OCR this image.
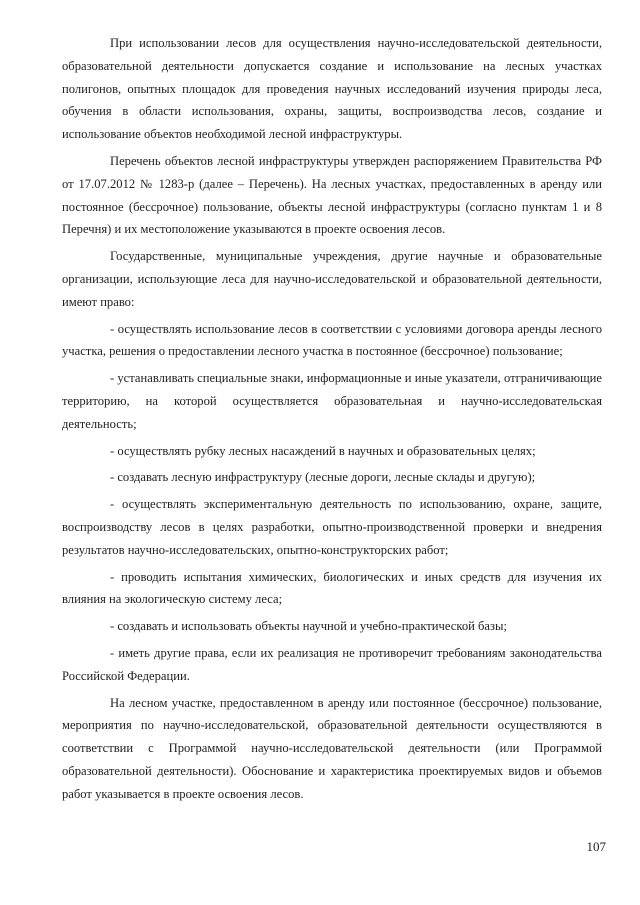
При использовании лесов для осуществления научно-исследовательской деятельности, образовательной деятельности допускается создание и использование на лесных участках полигонов, опытных площадок для проведения научных исследований изучения природы леса, обучения в области использования, охраны, защиты, воспроизводства лесов, создание и использование объектов необходимой лесной инфраструктуры.

Перечень объектов лесной инфраструктуры утвержден распоряжением Правительства РФ от 17.07.2012 № 1283-р (далее – Перечень). На лесных участках, предоставленных в аренду или постоянное (бессрочное) пользование, объекты лесной инфраструктуры (согласно пунктам 1 и 8 Перечня) и их местоположение указываются в проекте освоения лесов.

Государственные, муниципальные учреждения, другие научные и образовательные организации, использующие леса для научно-исследовательской и образовательной деятельности, имеют право:

- осуществлять использование лесов в соответствии с условиями договора аренды лесного участка, решения о предоставлении лесного участка в постоянное (бессрочное) пользование;

- устанавливать специальные знаки, информационные и иные указатели, отграничивающие территорию, на которой осуществляется образовательная и научно-исследовательская деятельность;

- осуществлять рубку лесных насаждений в научных и образовательных целях;

- создавать лесную инфраструктуру (лесные дороги, лесные склады и другую);

- осуществлять экспериментальную деятельность по использованию, охране, защите, воспроизводству лесов в целях разработки, опытно-производственной проверки и внедрения результатов научно-исследовательских, опытно-конструкторских работ;

- проводить испытания химических, биологических и иных средств для изучения их влияния на экологическую систему леса;

- создавать и использовать объекты научной и учебно-практической базы;

- иметь другие права, если их реализация не противоречит требованиям законодательства Российской Федерации.

На лесном участке, предоставленном в аренду или постоянное (бессрочное) пользование, мероприятия по научно-исследовательской, образовательной деятельности осуществляются в соответствии с Программой научно-исследовательской деятельности (или Программой образовательной деятельности). Обоснование и характеристика проектируемых видов и объемов работ указывается в проекте освоения лесов.

107
